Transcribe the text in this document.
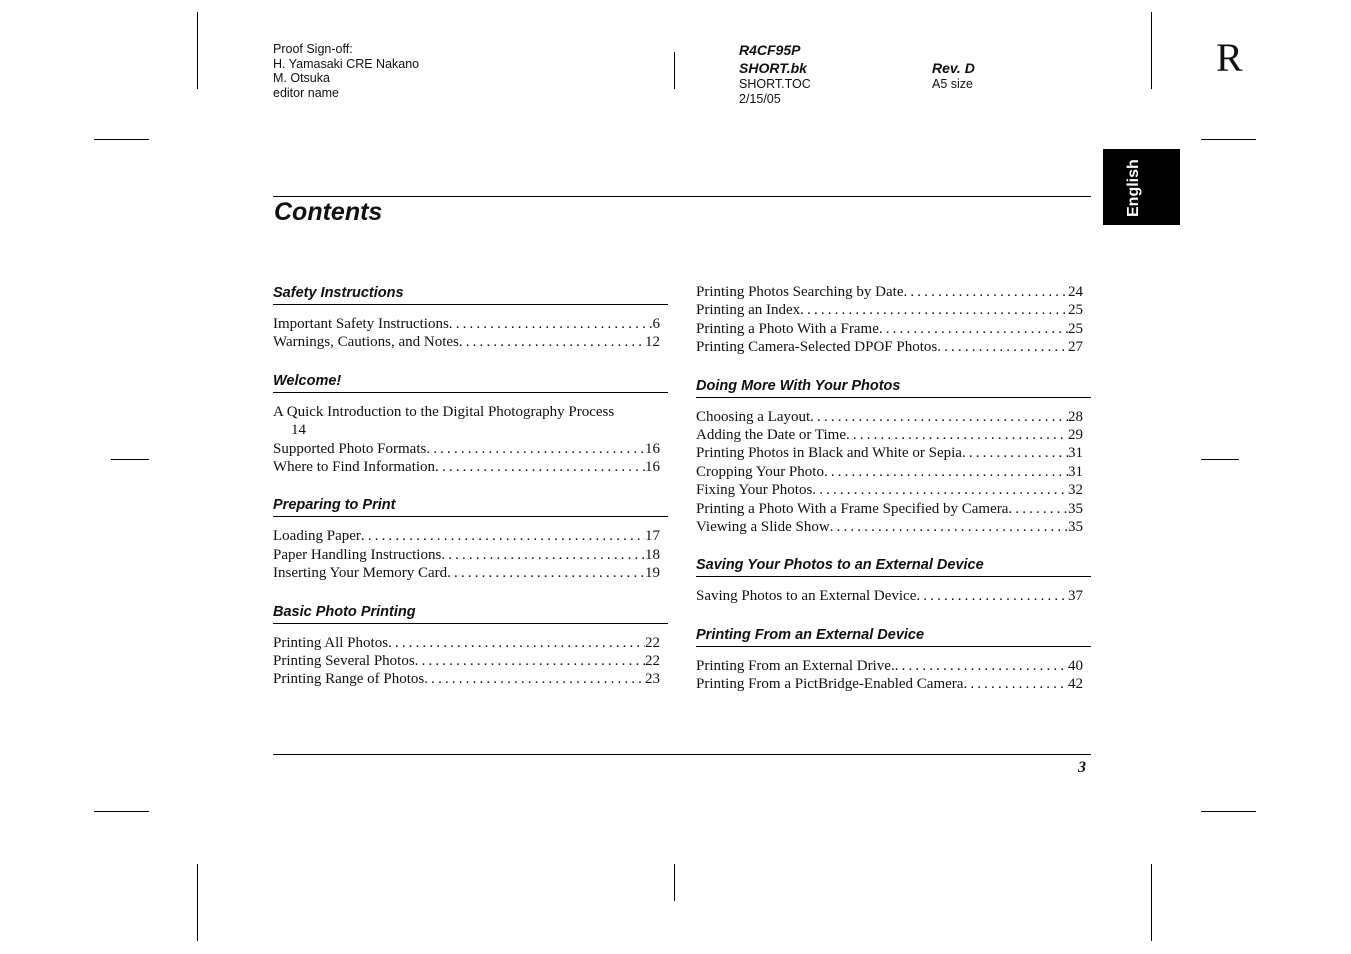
Proof Sign-off:
H. Yamasaki CRE Nakano
M. Otsuka
editor name
R4CF95P
SHORT.bk
SHORT.TOC
2/15/05
Rev. D
A5 size
R
English
Contents
Safety Instructions
Important Safety Instructions . . .	6
Warnings, Cautions, and Notes . . .	12
Welcome!
A Quick Introduction to the Digital Photography Process
14
Supported Photo Formats . . .	16
Where to Find Information . . .	16
Preparing to Print
Loading Paper . . .	17
Paper Handling Instructions . . .	18
Inserting Your Memory Card . . .	19
Basic Photo Printing
Printing All Photos . . .	22
Printing Several Photos . . .	22
Printing Range of Photos . . .	23
Printing Photos Searching by Date . . .	24
Printing an Index . . .	25
Printing a Photo With a Frame . . .	25
Printing Camera-Selected DPOF Photos . . .	27
Doing More With Your Photos
Choosing a Layout . . .	28
Adding the Date or Time . . .	29
Printing Photos in Black and White or Sepia . . .	31
Cropping Your Photo . . .	31
Fixing Your Photos . . .	32
Printing a Photo With a Frame Specified by Camera . . .	35
Viewing a Slide Show . . .	35
Saving Your Photos to an External Device
Saving Photos to an External Device . . .	37
Printing From an External Device
Printing From an External Drive. . . .	40
Printing From a PictBridge-Enabled Camera . . .	42
3
